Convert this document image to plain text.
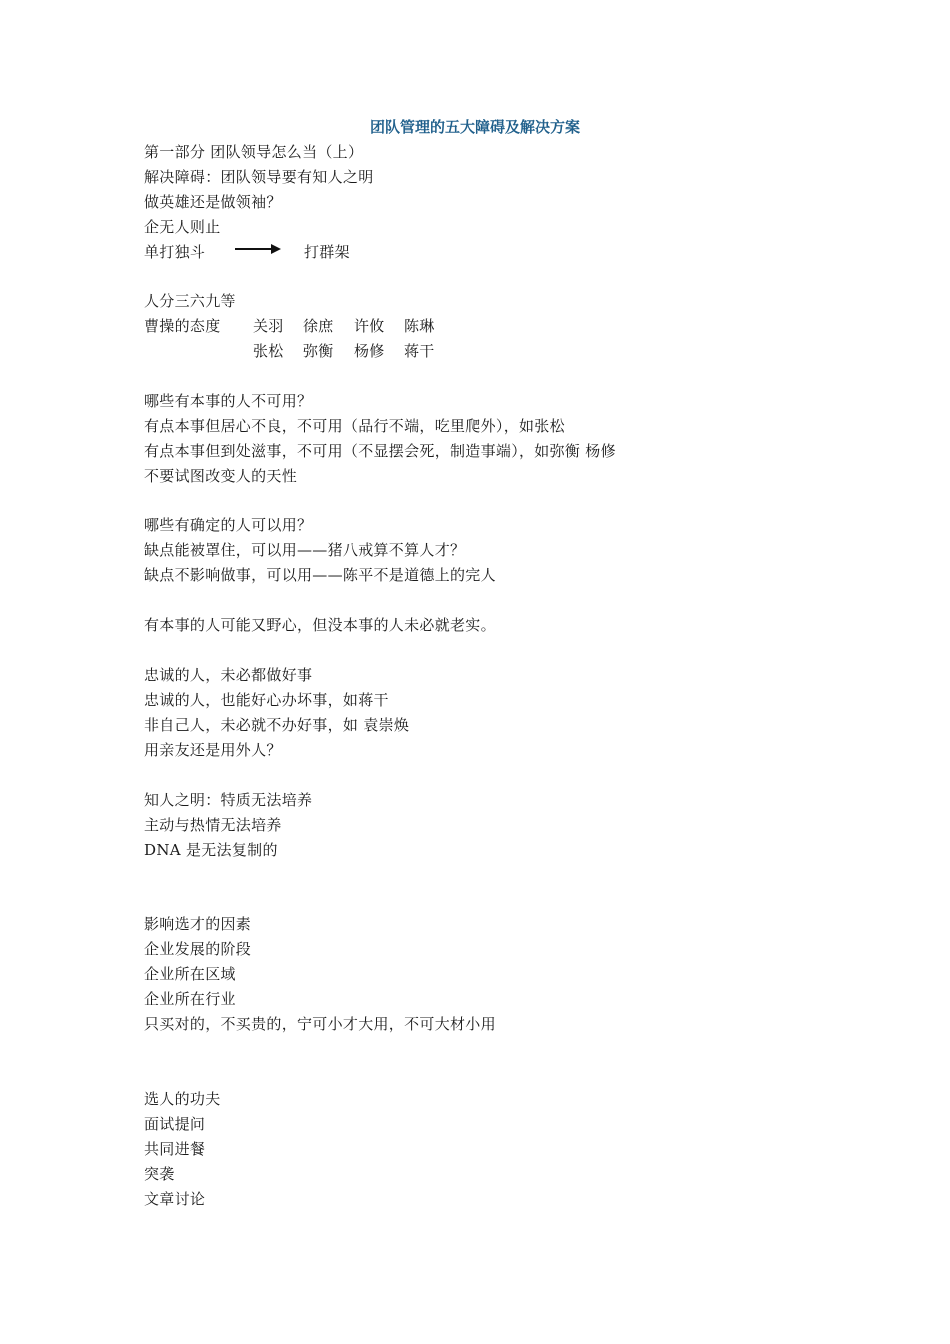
团队管理的五大障碍及解决方案
第一部分 团队领导怎么当（上）
解决障碍：团队领导要有知人之明
做英雄还是做领袖？
企无人则止
单打独斗	打群架
人分三六九等
曹操的态度 关羽 徐庶 许攸 陈琳
张松 弥衡 杨修 蒋干
哪些有本事的人不可用？
有点本事但居心不良，不可用（品行不端，吃里爬外），如张松
有点本事但到处滋事，不可用（不显摆会死，制造事端），如弥衡 杨修
不要试图改变人的天性
哪些有确定的人可以用？
缺点能被罩住，可以用——猪八戒算不算人才？
缺点不影响做事，可以用——陈平不是道德上的完人
有本事的人可能又野心，但没本事的人未必就老实。
忠诚的人，未必都做好事
忠诚的人，也能好心办坏事，如蒋干
非自己人，未必就不办好事，如 袁崇焕
用亲友还是用外人？
知人之明：特质无法培养
主动与热情无法培养
DNA 是无法复制的
影响选才的因素
企业发展的阶段
企业所在区域
企业所在行业
只买对的，不买贵的，宁可小才大用，不可大材小用
选人的功夫
面试提问
共同进餐
突袭
文章讨论
